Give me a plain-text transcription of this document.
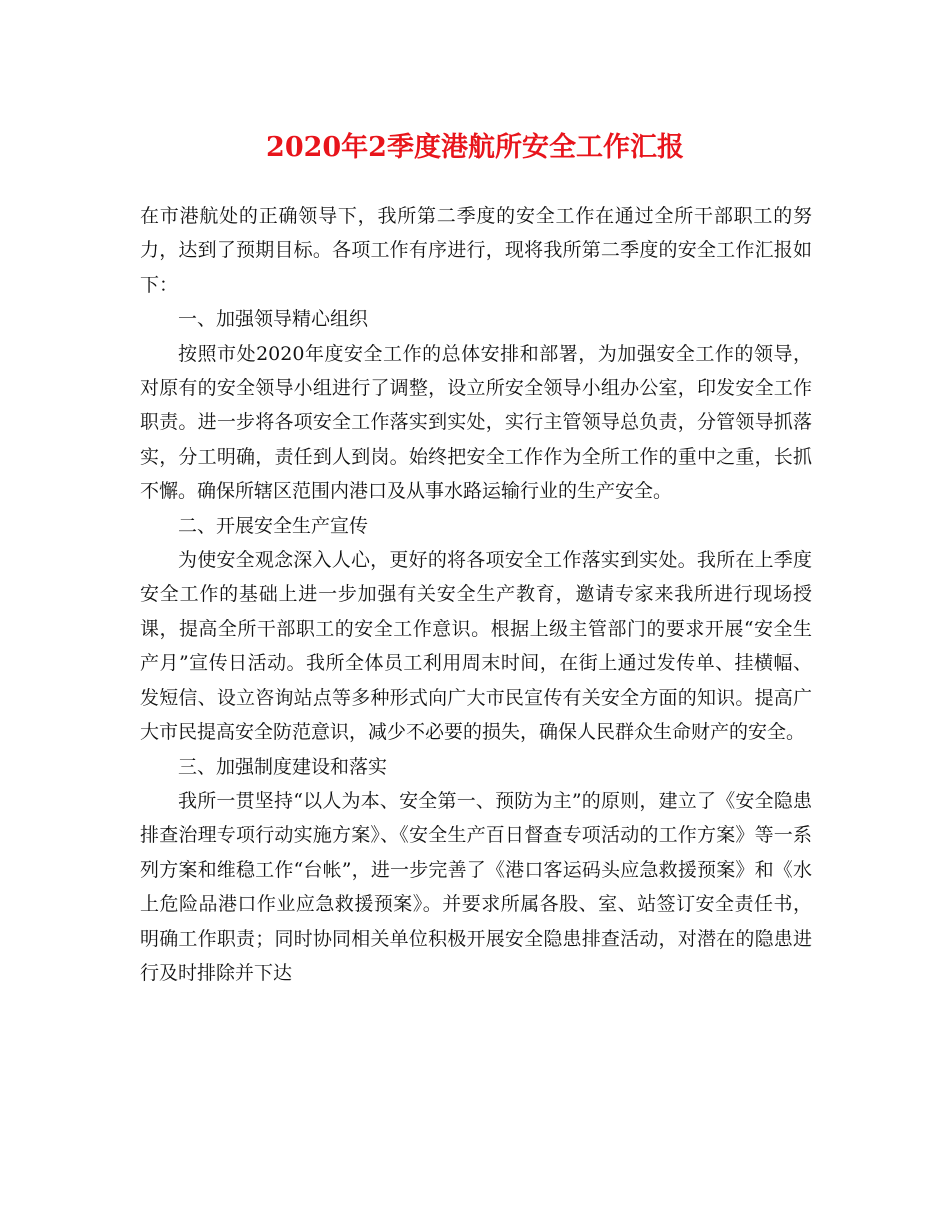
2020年2季度港航所安全工作汇报

在市港航处的正确领导下，我所第二季度的安全工作在通过全所干部职工的努力，达到了预期目标。各项工作有序进行，现将我所第二季度的安全工作汇报如下：

一、加强领导精心组织

按照市处2020年度安全工作的总体安排和部署，为加强安全工作的领导，对原有的安全领导小组进行了调整，设立所安全领导小组办公室，印发安全工作职责。进一步将各项安全工作落实到实处，实行主管领导总负责，分管领导抓落实，分工明确，责任到人到岗。始终把安全工作作为全所工作的重中之重，长抓不懈。确保所辖区范围内港口及从事水路运输行业的生产安全。

二、开展安全生产宣传

为使安全观念深入人心，更好的将各项安全工作落实到实处。我所在上季度安全工作的基础上进一步加强有关安全生产教育，邀请专家来我所进行现场授课，提高全所干部职工的安全工作意识。根据上级主管部门的要求开展“安全生产月”宣传日活动。我所全体员工利用周末时间，在街上通过发传单、挂横幅、发短信、设立咨询站点等多种形式向广大市民宣传有关安全方面的知识。提高广大市民提高安全防范意识，减少不必要的损失，确保人民群众生命财产的安全。

三、加强制度建设和落实

我所一贯坚持“以人为本、安全第一、预防为主”的原则，建立了《安全隐患排查治理专项行动实施方案》、《安全生产百日督查专项活动的工作方案》等一系列方案和维稳工作“台帐”，进一步完善了《港口客运码头应急救援预案》和《水上危险品港口作业应急救援预案》。并要求所属各股、室、站签订安全责任书，明确工作职责；同时协同相关单位积极开展安全隐患排查活动，对潜在的隐患进行及时排除并下达
